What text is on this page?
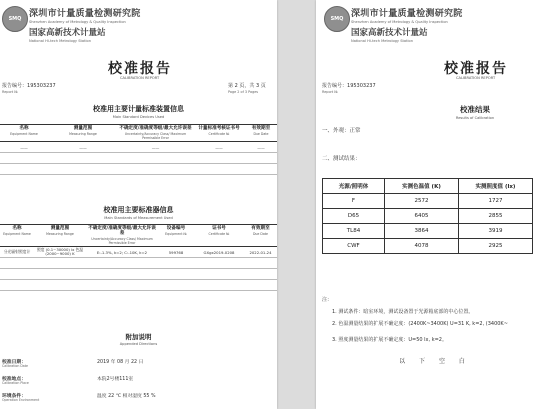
SMQ 深圳市计量质量检测研究院
Shenzhen Academy of Metrology & Quality Inspection
国家高新技术计量站
National Hi-tech Metrology Station
校准报告
CALIBRATION REPORT
报告编号：195303237
Report №
第 2 页，共 3 页
Page 2 of 3 Pages
校准用主要计量标准装置信息
Main Standard Devices Used
名称
Equipment Name	测量范围
Measuring Range	不确定度/准确度等级/最大允许误差
Uncertainty/Accuracy Class/ Maximum Permissible Error	计量标准考核证书号
Certificate №	有效期至
Due Date

——	——	——	——	——

校准用主要标准器信息
Main Standards of Measurement Used
名称
Equipment Name	测量范围
Measuring Range	不确定度/准确度等级/最大允许误差
Uncertainty/Accuracy Class/ Maximum Permissible Error	设备编号
Equipment №	证书号
Certificate №	有效期至
Due Date

分光辐射照度计	照度 (0.1~30000) lx 色温 (2000~9000) K	E:-1.3%, k=2; C:-10K, k=2	599768	GXgx2019-0208	2022-01-24

附加说明
Appended Directions
校准日期：
Calibration Date
2019 年 08 月 22 日
校准地点：
Calibration Place
本院2号楼111室
环境条件：
Operation Environment
温度 22 ℃ 相对湿度 55 %
SMQ 深圳市计量质量检测研究院
Shenzhen Academy of Metrology & Quality Inspection
国家高新技术计量站
National Hi-tech Metrology Station
校准报告
CALIBRATION REPORT
报告编号：195303237
Report №
校准结果
Results of Calibration
一、外观：正常
二、测试结果：
光源/照明体	实测色温值 (K)	实测照度值 (lx)
F	2572	1727
D65	6405	2855
TL84	3864	3919
CWF	4078	2925
注：
1. 测试条件：暗室环境，测试设备置于光源箱底部的中心位置。
2. 色温测量结果的扩展不确定度：(2400K~3400K) U=31 K, k=2, (3400K~
3. 照度测量结果的扩展不确定度：U=50 lx, k=2。
以 下 空 白
